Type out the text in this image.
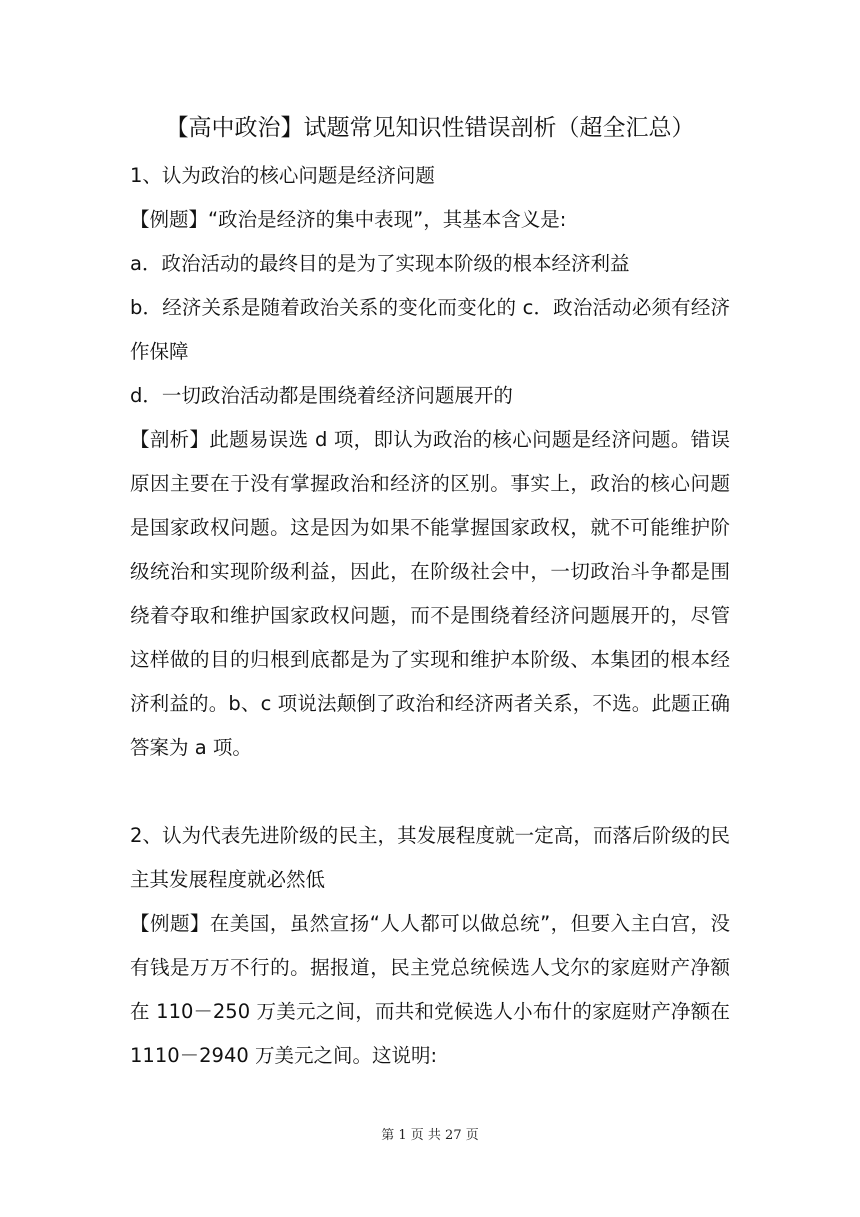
【高中政治】试题常见知识性错误剖析（超全汇总）

1、认为政治的核心问题是经济问题

【例题】“政治是经济的集中表现”，其基本含义是:

a．政治活动的最终目的是为了实现本阶级的根本经济利益

b．经济关系是随着政治关系的变化而变化的 c．政治活动必须有经济作保障

d．一切政治活动都是围绕着经济问题展开的

【剖析】此题易误选 d 项，即认为政治的核心问题是经济问题。错误原因主要在于没有掌握政治和经济的区别。事实上，政治的核心问题是国家政权问题。这是因为如果不能掌握国家政权，就不可能维护阶级统治和实现阶级利益，因此，在阶级社会中，一切政治斗争都是围绕着夺取和维护国家政权问题，而不是围绕着经济问题展开的，尽管这样做的目的归根到底都是为了实现和维护本阶级、本集团的根本经济利益的。b、c 项说法颠倒了政治和经济两者关系，不选。此题正确答案为 a 项。

2、认为代表先进阶级的民主，其发展程度就一定高，而落后阶级的民主其发展程度就必然低

【例题】在美国，虽然宣扬“人人都可以做总统”，但要入主白宫，没有钱是万万不行的。据报道，民主党总统候选人戈尔的家庭财产净额在 110－250 万美元之间，而共和党候选人小布什的家庭财产净额在 1110－2940 万美元之间。这说明:

第 1 页 共 27 页
